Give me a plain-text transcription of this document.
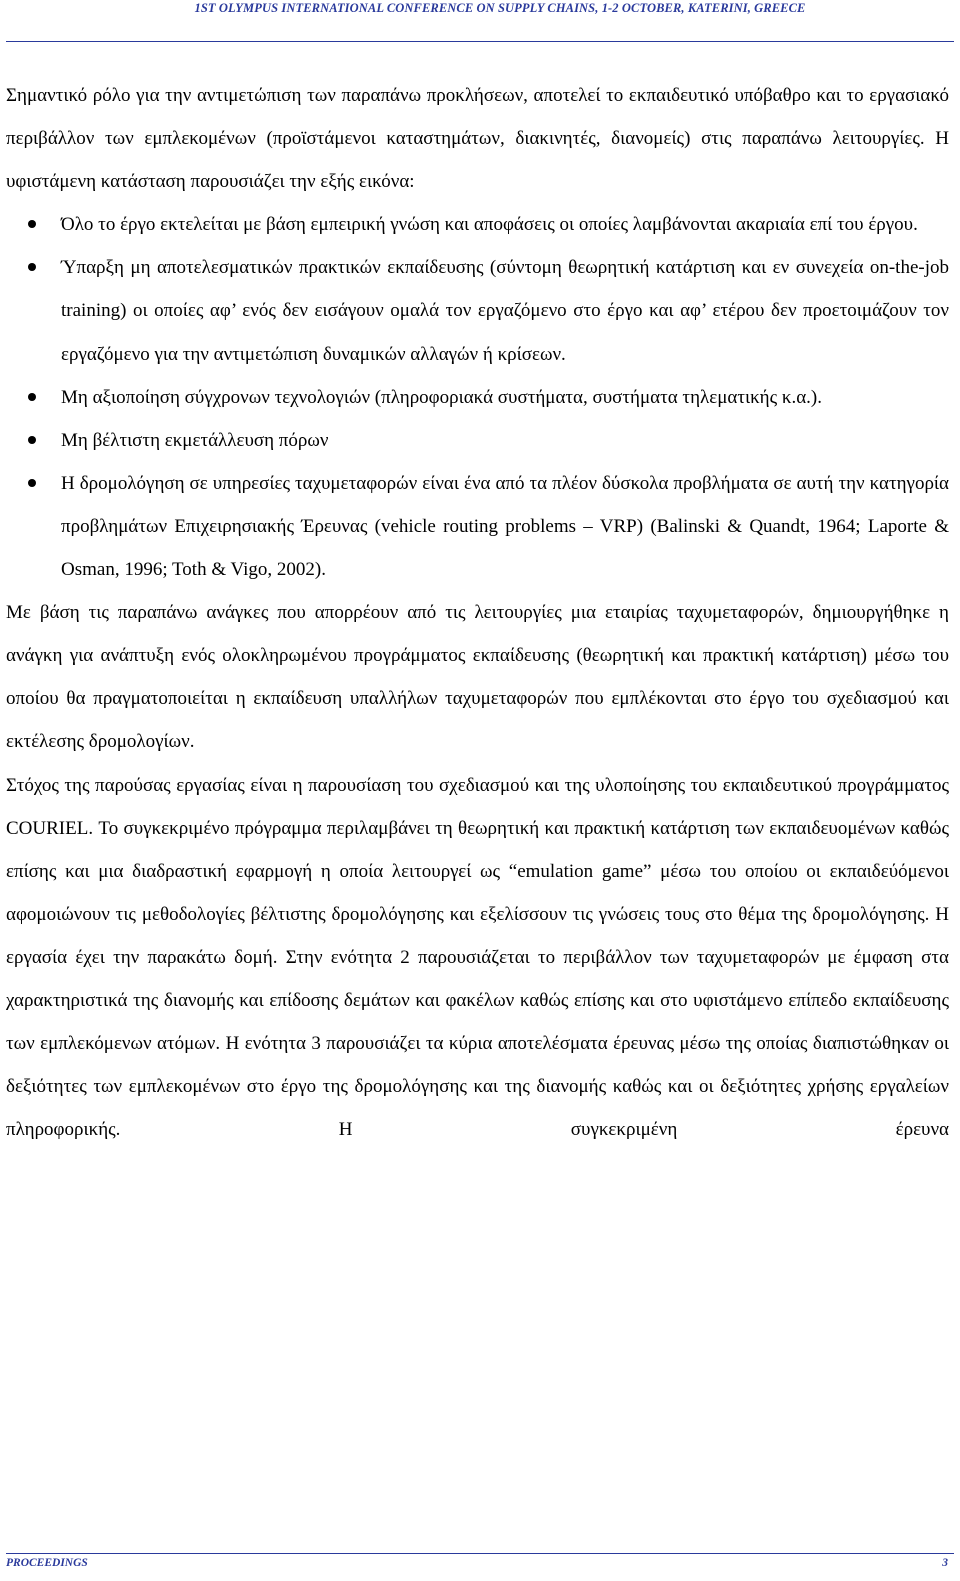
1ST OLYMPUS INTERNATIONAL CONFERENCE ON SUPPLY CHAINS, 1-2 OCTOBER, KATERINI, GREECE

Σημαντικό ρόλο για την αντιμετώπιση των παραπάνω προκλήσεων, αποτελεί το εκπαιδευτικό υπόβαθρο και το εργασιακό περιβάλλον των εμπλεκομένων (προϊστάμενοι καταστημάτων, διακινητές, διανομείς) στις παραπάνω λειτουργίες. Η υφιστάμενη κατάσταση παρουσιάζει την εξής εικόνα:

Όλο το έργο εκτελείται με βάση εμπειρική γνώση και αποφάσεις οι οποίες λαμβάνονται ακαριαία επί του έργου.
Ύπαρξη μη αποτελεσματικών πρακτικών εκπαίδευσης (σύντομη θεωρητική κατάρτιση και εν συνεχεία on-the-job training) οι οποίες αφ’ ενός δεν εισάγουν ομαλά τον εργαζόμενο στο έργο και αφ’ ετέρου δεν προετοιμάζουν τον εργαζόμενο για την αντιμετώπιση δυναμικών αλλαγών ή κρίσεων.
Μη αξιοποίηση σύγχρονων τεχνολογιών (πληροφοριακά συστήματα, συστήματα τηλεματικής κ.α.).
Μη βέλτιστη εκμετάλλευση πόρων
Η δρομολόγηση σε υπηρεσίες ταχυμεταφορών είναι ένα από τα πλέον δύσκολα προβλήματα σε αυτή την κατηγορία προβλημάτων Επιχειρησιακής Έρευνας (vehicle routing problems – VRP) (Balinski & Quandt, 1964; Laporte & Osman, 1996; Toth & Vigo, 2002).

Με βάση τις παραπάνω ανάγκες που απορρέουν από τις λειτουργίες μια εταιρίας ταχυμεταφορών, δημιουργήθηκε η ανάγκη για ανάπτυξη ενός ολοκληρωμένου προγράμματος εκπαίδευσης (θεωρητική και πρακτική κατάρτιση) μέσω του οποίου θα πραγματοποιείται η εκπαίδευση υπαλλήλων ταχυμεταφορών που εμπλέκονται στο έργο του σχεδιασμού και εκτέλεσης δρομολογίων.

Στόχος της παρούσας εργασίας είναι η παρουσίαση του σχεδιασμού και της υλοποίησης του εκπαιδευτικού προγράμματος COURIEL. Το συγκεκριμένο πρόγραμμα περιλαμβάνει τη θεωρητική και πρακτική κατάρτιση των εκπαιδευομένων καθώς επίσης και μια διαδραστική εφαρμογή η οποία λειτουργεί ως “emulation game” μέσω του οποίου οι εκπαιδεύόμενοι αφομοιώνουν τις μεθοδολογίες βέλτιστης δρομολόγησης και εξελίσσουν τις γνώσεις τους στο θέμα της δρομολόγησης. Η εργασία έχει την παρακάτω δομή. Στην ενότητα 2 παρουσιάζεται το περιβάλλον των ταχυμεταφορών με έμφαση στα χαρακτηριστικά της διανομής και επίδοσης δεμάτων και φακέλων καθώς επίσης και στο υφιστάμενο επίπεδο εκπαίδευσης των εμπλεκόμενων ατόμων. Η ενότητα 3 παρουσιάζει τα κύρια αποτελέσματα έρευνας μέσω της οποίας διαπιστώθηκαν οι δεξιότητες των εμπλεκομένων στο έργο της δρομολόγησης και της διανομής καθώς και οι δεξιότητες χρήσης εργαλείων πληροφορικής. Η συγκεκριμένη έρευνα

PROCEEDINGS	3
